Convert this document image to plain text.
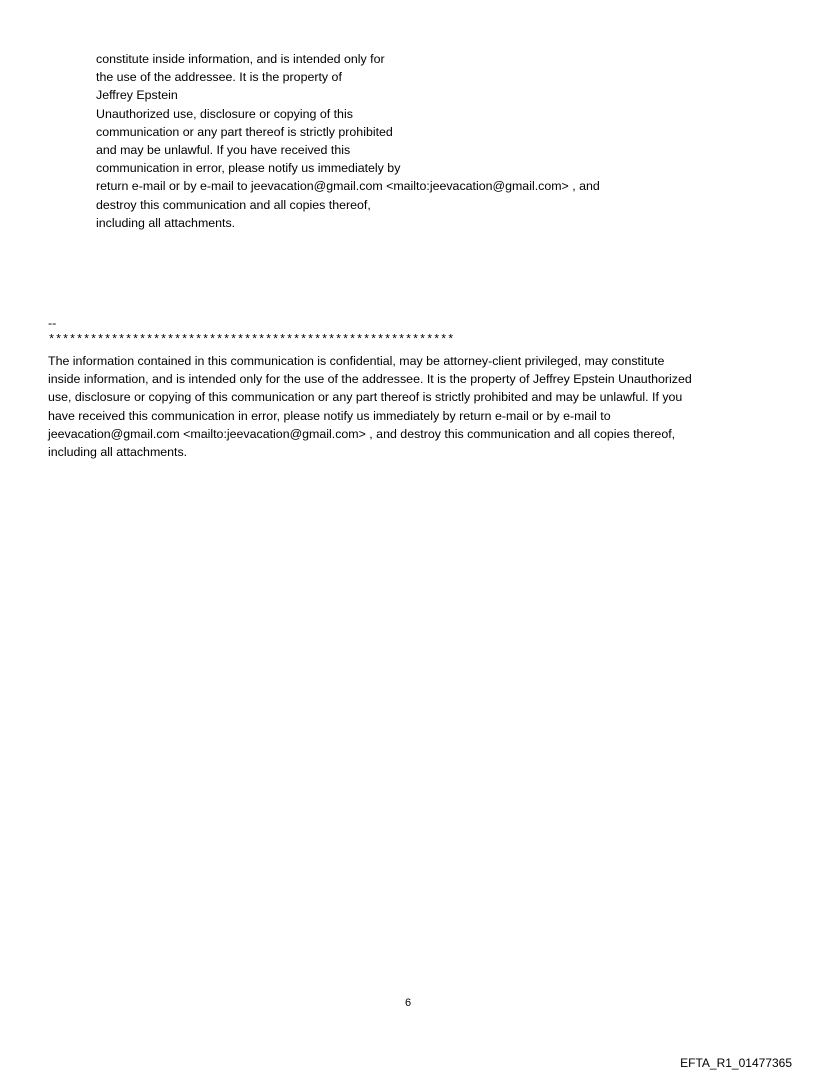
constitute inside information, and is intended only for
the use of the addressee. It is the property of
Jeffrey Epstein
Unauthorized use, disclosure or copying of this
communication or any part thereof is strictly prohibited
and may be unlawful. If you have received this
communication in error, please notify us immediately by
return e-mail or by e-mail to jeevacation@gmail.com <mailto:jeevacation@gmail.com> , and
destroy this communication and all copies thereof,
including all attachments.
--
**********************************************************
The information contained in this communication is confidential, may be attorney-client privileged, may constitute
inside information, and is intended only for the use of the addressee. It is the property of Jeffrey Epstein Unauthorized
use, disclosure or copying of this communication or any part thereof is strictly prohibited and may be unlawful. If you
have received this communication in error, please notify us immediately by return e-mail or by e-mail to
jeevacation@gmail.com <mailto:jeevacation@gmail.com> , and destroy this communication and all copies thereof,
including all attachments.
6
EFTA_R1_01477365
